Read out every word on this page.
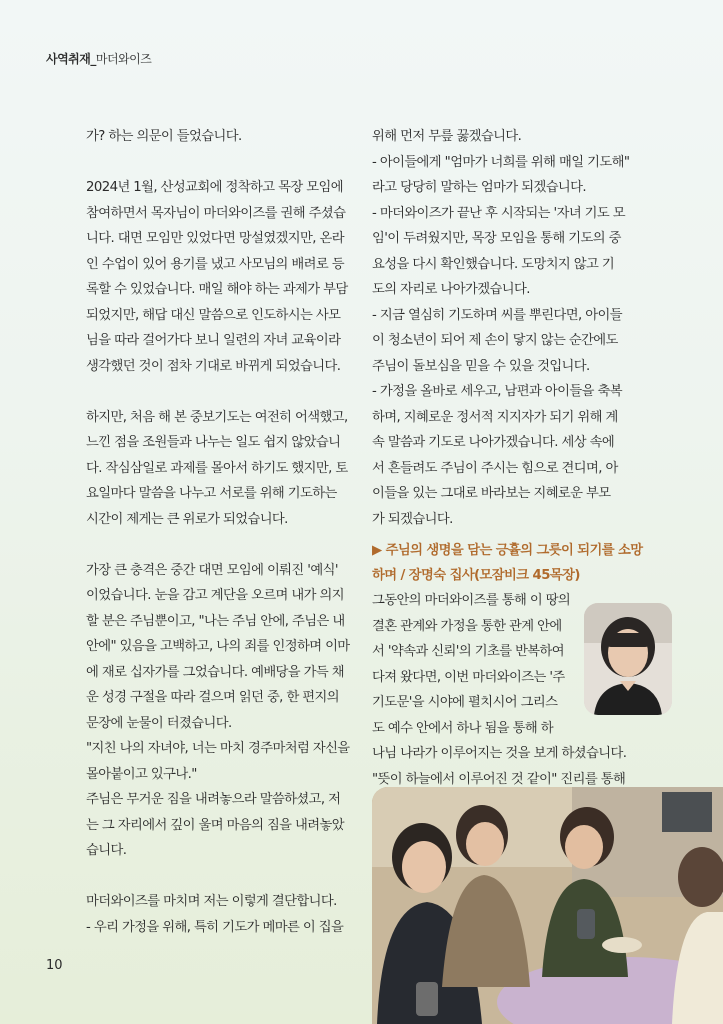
사역취재_마더와이즈

가? 하는 의문이 들었습니다.

2024년 1월, 산성교회에 정착하고 목장 모임에

참여하면서 목자님이 마더와이즈를 권해 주셨습

니다. 대면 모임만 있었다면 망설였겠지만, 온라

인 수업이 있어 용기를 냈고 사모님의 배려로 등

록할 수 있었습니다. 매일 해야 하는 과제가 부담

되었지만, 해답 대신 말씀으로 인도하시는 사모

님을 따라 걸어가다 보니 일련의 자녀 교육이라

생각했던 것이 점차 기대로 바뀌게 되었습니다.

하지만, 처음 해 본 중보기도는 여전히 어색했고,

느낀 점을 조원들과 나누는 일도 쉽지 않았습니

다. 작심삼일로 과제를 몰아서 하기도 했지만, 토

요일마다 말씀을 나누고 서로를 위해 기도하는

시간이 제게는 큰 위로가 되었습니다.

가장 큰 충격은 중간 대면 모임에 이뤄진 '예식'

이었습니다. 눈을 감고 계단을 오르며 내가 의지

할 분은 주님뿐이고, "나는 주님 안에, 주님은 내

안에" 있음을 고백하고, 나의 죄를 인정하며 이마

에 재로 십자가를 그었습니다. 예배당을 가득 채

운 성경 구절을 따라 걸으며 읽던 중, 한 편지의

문장에 눈물이 터졌습니다.

"지친 나의 자녀야, 너는 마치 경주마처럼 자신을

몰아붙이고 있구나."

주님은 무거운 짐을 내려놓으라 말씀하셨고, 저

는 그 자리에서 깊이 울며 마음의 짐을 내려놓았

습니다.

마더와이즈를 마치며 저는 이렇게 결단합니다.

- 우리 가정을 위해, 특히 기도가 메마른 이 집을

위해 먼저 무릎 꿇겠습니다.

- 아이들에게 "엄마가 너희를 위해 매일 기도해"

라고 당당히 말하는 엄마가 되겠습니다.

- 마더와이즈가 끝난 후 시작되는 '자녀 기도 모

임'이 두려웠지만, 목장 모임을 통해 기도의 중

요성을 다시 확인했습니다. 도망치지 않고 기

도의 자리로 나아가겠습니다.

- 지금 열심히 기도하며 씨를 뿌린다면, 아이들

이 청소년이 되어 제 손이 닿지 않는 순간에도

주님이 돌보심을 믿을 수 있을 것입니다.

- 가정을 올바로 세우고, 남편과 아이들을 축복

하며, 지혜로운 정서적 지지자가 되기 위해 계

속 말씀과 기도로 나아가겠습니다. 세상 속에

서 흔들려도 주님이 주시는 힘으로 견디며, 아

이들을 있는 그대로 바라보는 지혜로운 부모

가 되겠습니다.

▶ 주님의 생명을 담는 긍휼의 그릇이 되기를 소망
하며 / 장명숙 집사(모잠비크 45목장)

그동안의 마더와이즈를 통해 이 땅의

결혼 관계와 가정을 통한 관계 안에

서 '약속과 신뢰'의 기초를 반복하여

다져 왔다면, 이번 마더와이즈는 '주

기도문'을 시야에 펼치시어 그리스

도 예수 안에서 하나 됨을 통해 하

나님 나라가 이루어지는 것을 보게 하셨습니다.

"뜻이 하늘에서 이루어진 것 같이" 진리를 통해

10
